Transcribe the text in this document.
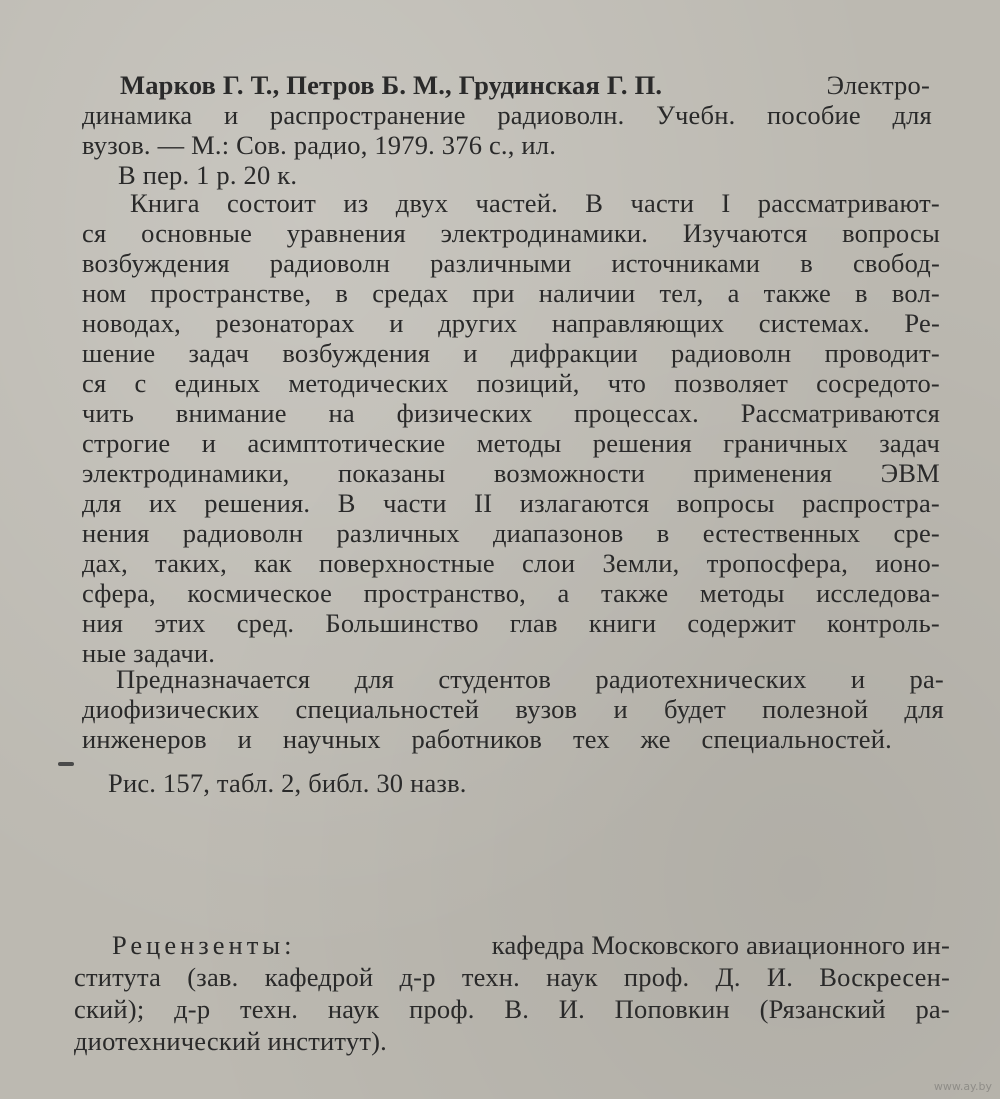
Марков Г. Т., Петров Б. М., Грудинская Г. П.	Электро-
динамика и распространение радиоволн. Учебн. пособие для
вузов. — М.: Сов. радио, 1979. 376 с., ил.
В пер. 1 р. 20 к.
Книга состоит из двух частей. В части I рассматривают-
ся основные уравнения электродинамики. Изучаются вопросы
возбуждения радиоволн различными источниками в свобод-
ном пространстве, в средах при наличии тел, а также в вол-
новодах, резонаторах и других направляющих системах. Ре-
шение задач возбуждения и дифракции радиоволн проводит-
ся с единых методических позиций, что позволяет сосредото-
чить внимание на физических процессах. Рассматриваются
строгие и асимптотические методы решения граничных задач
электродинамики, показаны возможности применения ЭВМ
для их решения. В части II излагаются вопросы распростра-
нения радиоволн различных диапазонов в естественных сре-
дах, таких, как поверхностные слои Земли, тропосфера, ионо-
сфера, космическое пространство, а также методы исследова-
ния этих сред. Большинство глав книги содержит контроль-
ные задачи.
Предназначается для студентов радиотехнических и ра-
диофизических специальностей вузов и будет полезной для
инженеров и научных работников тех же специальностей.
Рис. 157, табл. 2, библ. 30 назв.
Рецензенты:	кафедра Московского авиационного ин-
ститута (зав. кафедрой д-р техн. наук проф. Д. И. Воскресен-
ский); д-р техн. наук проф. В. И. Поповкин (Рязанский ра-
диотехнический институт).
www.ay.by
